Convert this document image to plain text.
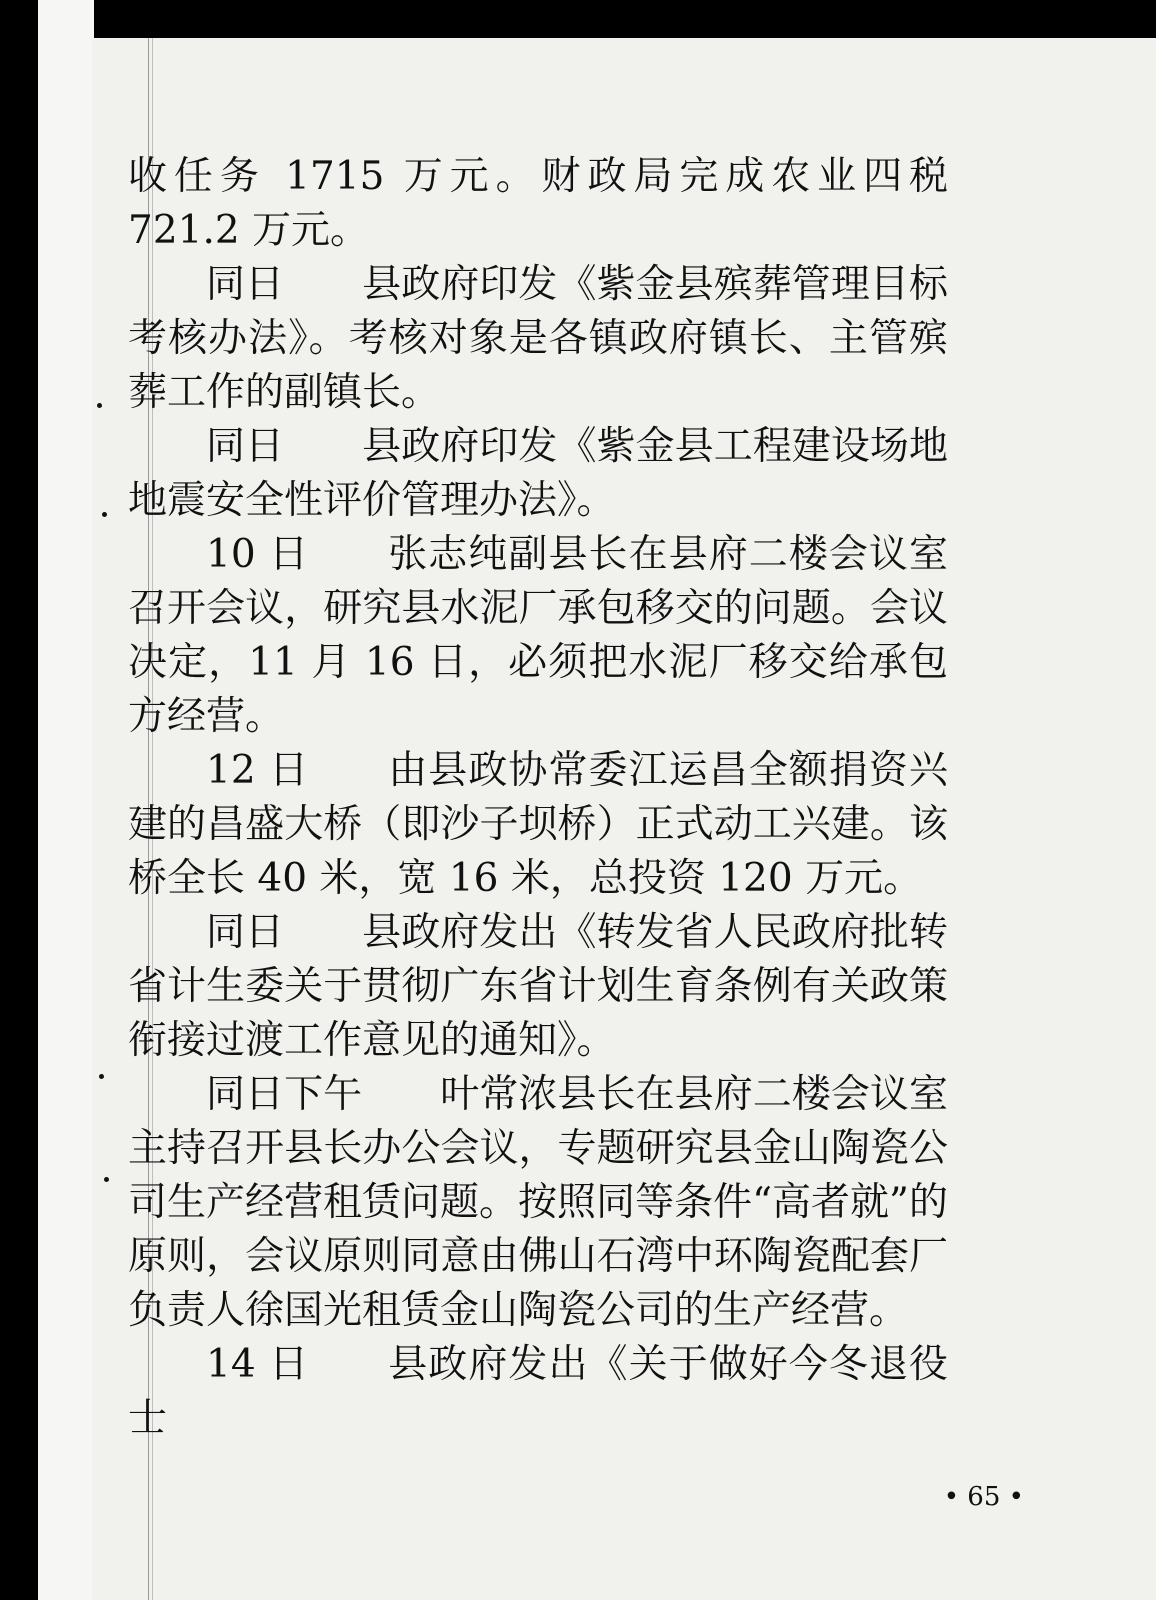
收任务 1715 万元。财政局完成农业四税 721.2 万元。

同日   县政府印发《紫金县殡葬管理目标考核办法》。考核对象是各镇政府镇长、主管殡葬工作的副镇长。

同日   县政府印发《紫金县工程建设场地地震安全性评价管理办法》。

10 日   张志纯副县长在县府二楼会议室召开会议，研究县水泥厂承包移交的问题。会议决定，11 月 16 日，必须把水泥厂移交给承包方经营。

12 日   由县政协常委江运昌全额捐资兴建的昌盛大桥（即沙子坝桥）正式动工兴建。该桥全长 40 米，宽 16 米，总投资 120 万元。

同日   县政府发出《转发省人民政府批转省计生委关于贯彻广东省计划生育条例有关政策衔接过渡工作意见的通知》。

同日下午   叶常浓县长在县府二楼会议室主持召开县长办公会议，专题研究县金山陶瓷公司生产经营租赁问题。按照同等条件“高者就”的原则，会议原则同意由佛山石湾中环陶瓷配套厂负责人徐国光租赁金山陶瓷公司的生产经营。

14 日   县政府发出《关于做好今冬退役士

• 65 •
